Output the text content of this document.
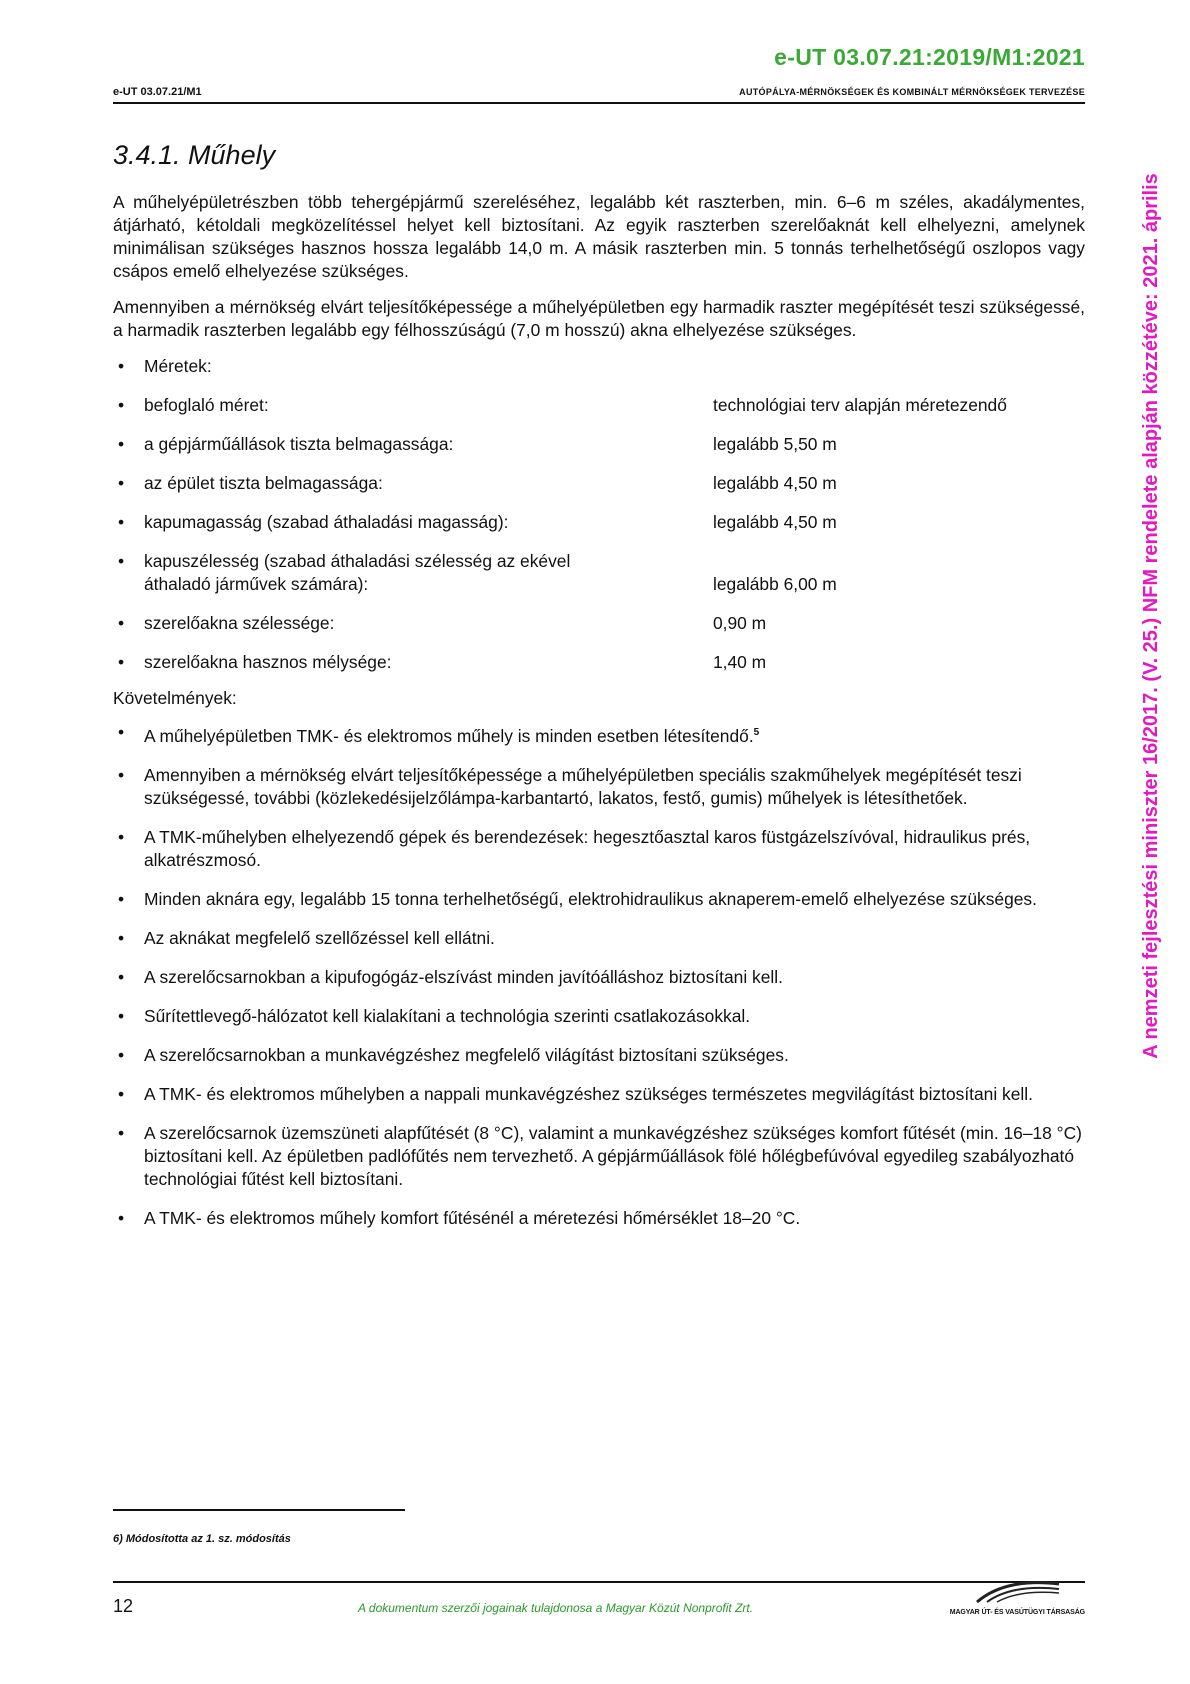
e-UT 03.07.21:2019/M1:2021
e-UT 03.07.21/M1	AUTÓPÁLYA-MÉRNÖKSÉGEK ÉS KOMBINÁLT MÉRNÖKSÉGEK TERVEZÉSE
A nemzeti fejlesztési miniszter 16/2017. (V. 25.) NFM rendelete alapján közzétéve: 2021. április
3.4.1. Műhely

A műhelyépületrészben több tehergépjármű szereléséhez, legalább két raszterben, min. 6–6 m széles, akadálymentes, átjárható, kétoldali megközelítéssel helyet kell biztosítani. Az egyik raszterben szerelőaknát kell elhelyezni, amelynek minimálisan szükséges hasznos hossza legalább 14,0 m. A másik raszterben min. 5 tonnás terhelhetőségű oszlopos vagy csápos emelő elhelyezése szükséges.

Amennyiben a mérnökség elvárt teljesítőképessége a műhelyépületben egy harmadik raszter megépítését teszi szükségessé, a harmadik raszterben legalább egy félhosszúságú (7,0 m hosszú) akna elhelyezése szükséges.

• Méretek:
• befoglaló méret:	technológiai terv alapján méretezendő
• a gépjárműállások tiszta belmagassága:	legalább 5,50 m
• az épület tiszta belmagassága:	legalább 4,50 m
• kapumagasság (szabad áthaladási magasság):	legalább 4,50 m
• kapuszélesség (szabad áthaladási szélesség az ekével áthaladó járművek számára):	legalább 6,00 m
• szerelőakna szélessége:	0,90 m
• szerelőakna hasznos mélysége:	1,40 m
Követelmények:
• A műhelyépületben TMK- és elektromos műhely is minden esetben létesítendő.$^5$
• Amennyiben a mérnökség elvárt teljesítőképessége a műhelyépületben speciális szakműhelyek megépítését teszi szükségessé, további (közlekedésijelzőlámpa-karbantartó, lakatos, festő, gumis) műhelyek is létesíthetőek.
• A TMK-műhelyben elhelyezendő gépek és berendezések: hegesztőasztal karos füstgázelszívóval, hidraulikus prés, alkatrészmosó.
• Minden aknára egy, legalább 15 tonna terhelhetőségű, elektrohidraulikus aknaperem-emelő elhelyezése szükséges.
• Az aknákat megfelelő szellőzéssel kell ellátni.
• A szerelőcsarnokban a kipufogógáz-elszívást minden javítóálláshoz biztosítani kell.
• Sűrítettlevegő-hálózatot kell kialakítani a technológia szerinti csatlakozásokkal.
• A szerelőcsarnokban a munkavégzéshez megfelelő világítást biztosítani szükséges.
• A TMK- és elektromos műhelyben a nappali munkavégzéshez szükséges természetes megvilágítást biztosítani kell.
• A szerelőcsarnok üzemszüneti alapfűtését (8 °C), valamint a munkavégzéshez szükséges komfort fűtését (min. 16–18 °C) biztosítani kell. Az épületben padlófűtés nem tervezhető. A gépjárműállások fölé hőlégbefúvóval egyedileg szabályozható technológiai fűtést kell biztosítani.
• A TMK- és elektromos műhely komfort fűtésénél a méretezési hőmérséklet 18–20 °C.
6) Módosította az 1. sz. módosítás
12	A dokumentum szerzői jogainak tulajdonosa a Magyar Közút Nonprofit Zrt.	MAGYAR ÚT- ÉS VASÚTÜGYI TÁRSASÁG
